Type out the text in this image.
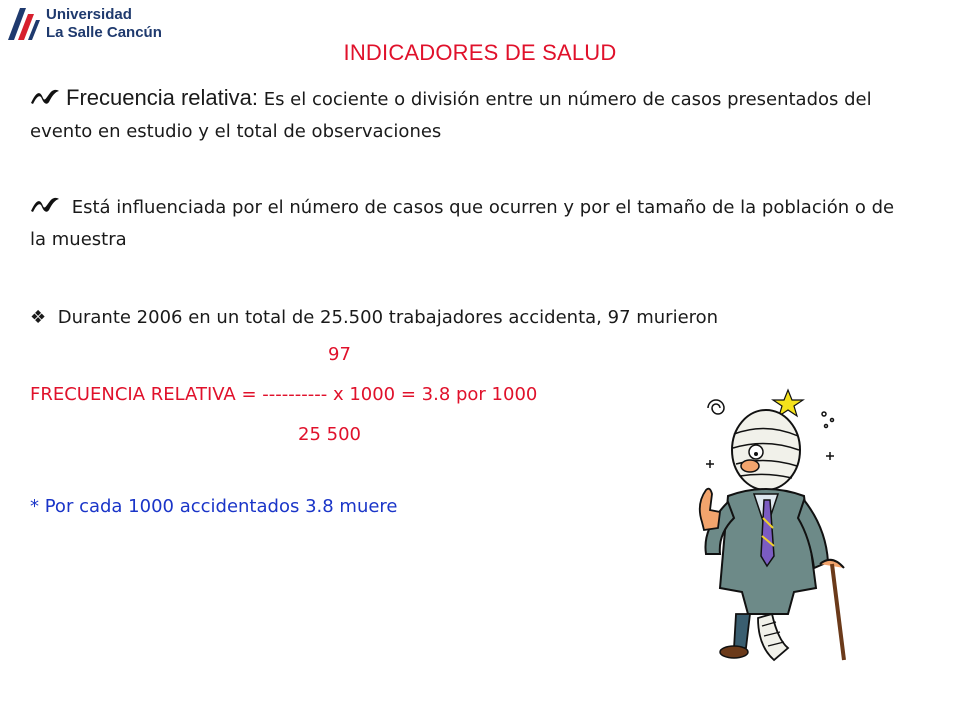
Universidad
La Salle Cancún
INDICADORES DE SALUD
Frecuencia relativa: Es el cociente o división entre un número de casos presentados del evento en estudio y el total de observaciones
Está influenciada por el número de casos que ocurren y por el tamaño de la población o de la muestra
❖ Durante 2006 en un total de 25.500 trabajadores accidenta, 97 murieron
97
FRECUENCIA RELATIVA = ---------- x 1000 = 3.8 por 1000
25 500
* Por cada 1000 accidentados 3.8 muere
